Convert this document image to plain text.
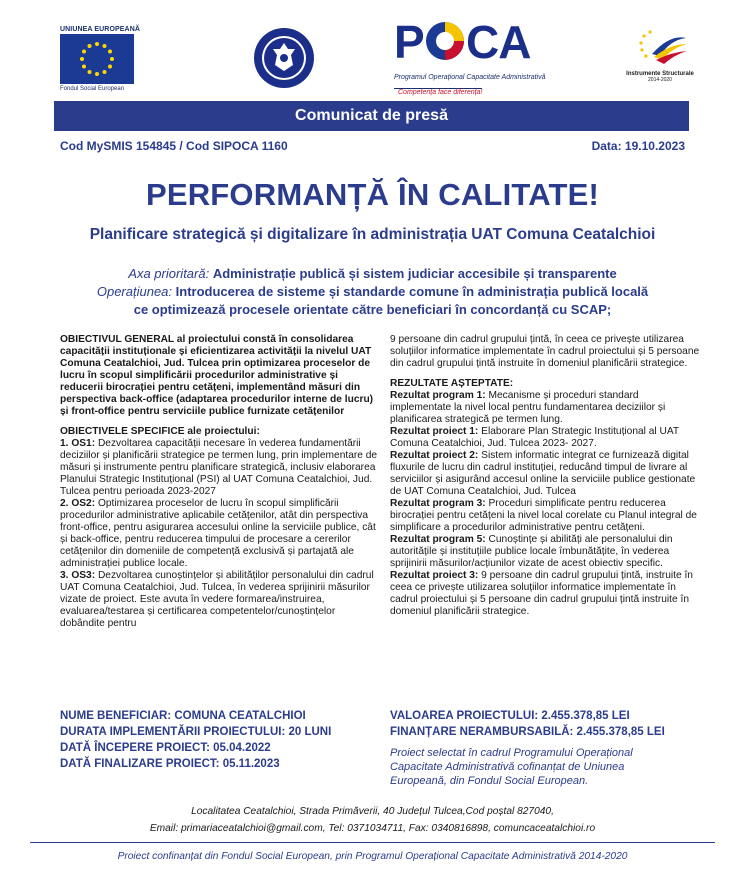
UNIUNEA EUROPEANĂ
Fondul Social European
P CA
Programul Operațional Capacitate Administrativă
Competența face diferența!
Instrumente Structurale
2014-2020
Comunicat de presă
Cod MySMIS 154845 / Cod SIPOCA 1160	Data: 19.10.2023
PERFORMANȚĂ ÎN CALITATE!
Planificare strategică și digitalizare în administrația UAT Comuna Ceatalchioi
Axa prioritară: Administrație publică și sistem judiciar accesibile și transparente
Operațiunea: Introducerea de sisteme și standarde comune în administrația publică locală
ce optimizează procesele orientate către beneficiari în concordanță cu SCAP;

OBIECTIVUL GENERAL al proiectului constă în consolidarea capacității instituționale și eficientizarea activității la nivelul UAT Comuna Ceatalchioi, Jud. Tulcea prin optimizarea proceselor de lucru în scopul simplificării procedurilor administrative și reducerii birocrației pentru cetățeni, implementând măsuri din perspectiva back-office (adaptarea procedurilor interne de lucru) și front-office pentru serviciile publice furnizate cetățenilor

OBIECTIVELE SPECIFICE ale proiectului:

1. OS1: Dezvoltarea capacității necesare în vederea fundamentării deciziilor și planificării strategice pe termen lung, prin implementare de măsuri și instrumente pentru planificare strategică, inclusiv elaborarea Planului Strategic Instituțional (PSI) al UAT Comuna Ceatalchioi, Jud. Tulcea pentru perioada 2023-2027

2. OS2: Optimizarea proceselor de lucru în scopul simplificării procedurilor administrative aplicabile cetățenilor, atât din perspectiva front-office, pentru asigurarea accesului online la serviciile publice, cât și back-office, pentru reducerea timpului de procesare a cererilor cetățenilor din domeniile de competență exclusivă și partajată ale administrației publice locale.

3. OS3: Dezvoltarea cunoștințelor și abilităților personalului din cadrul UAT Comuna Ceatalchioi, Jud. Tulcea, în vederea sprijinirii măsurilor vizate de proiect. Este avuta în vedere formarea/instruirea, evaluarea/testarea și certificarea competentelor/cunoștințelor dobândite pentru

9 persoane din cadrul grupului țintă, în ceea ce privește utilizarea soluțiilor informatice implementate în cadrul proiectului și 5 persoane din cadrul grupului țintă instruite în domeniul planificării strategice.

REZULTATE AȘTEPTATE:

Rezultat program 1: Mecanisme și proceduri standard implementate la nivel local pentru fundamentarea deciziilor și planificarea strategică pe termen lung.

Rezultat proiect 1: Elaborare Plan Strategic Instituțional al UAT Comuna Ceatalchioi, Jud. Tulcea 2023- 2027.

Rezultat proiect 2: Sistem informatic integrat ce furnizează digital fluxurile de lucru din cadrul instituției, reducând timpul de livrare al serviciilor și asigurând accesul online la serviciile publice gestionate de UAT Comuna Ceatalchioi, Jud. Tulcea

Rezultat program 3: Proceduri simplificate pentru reducerea birocrației pentru cetățeni la nivel local corelate cu Planul integral de simplificare a procedurilor administrative pentru cetățeni.

Rezultat program 5: Cunoștințe și abilități ale personalului din autoritățile și instituțiile publice locale îmbunătățite, în vederea sprijinirii măsurilor/acțiunilor vizate de acest obiectiv specific.

Rezultat proiect 3: 9 persoane din cadrul grupului țintă, instruite în ceea ce privește utilizarea soluțiilor informatice implementate în cadrul proiectului și 5 persoane din cadrul grupului țintă instruite în domeniul planificării strategice.

NUME BENEFICIAR: COMUNA CEATALCHIOI
DURATA IMPLEMENTĂRII PROIECTULUI: 20 LUNI
DATĂ ÎNCEPERE PROIECT: 05.04.2022
DATĂ FINALIZARE PROIECT: 05.11.2023
VALOAREA PROIECTULUI: 2.455.378,85 LEI
FINANȚARE NERAMBURSABILĂ: 2.455.378,85 LEI
Proiect selectat în cadrul Programului Operațional Capacitate Administrativă cofinanțat de Uniunea Europeană, din Fondul Social European.
Localitatea Ceatalchioi, Strada Primăverii, 40 Județul Tulcea,Cod poștal 827040,
Email: primariaceatalchioi@gmail.com, Tel: 0371034711, Fax: 0340816898, comuncaceatalchioi.ro
Proiect confinanțat din Fondul Social European, prin Programul Operațional Capacitate Administrativă 2014-2020
